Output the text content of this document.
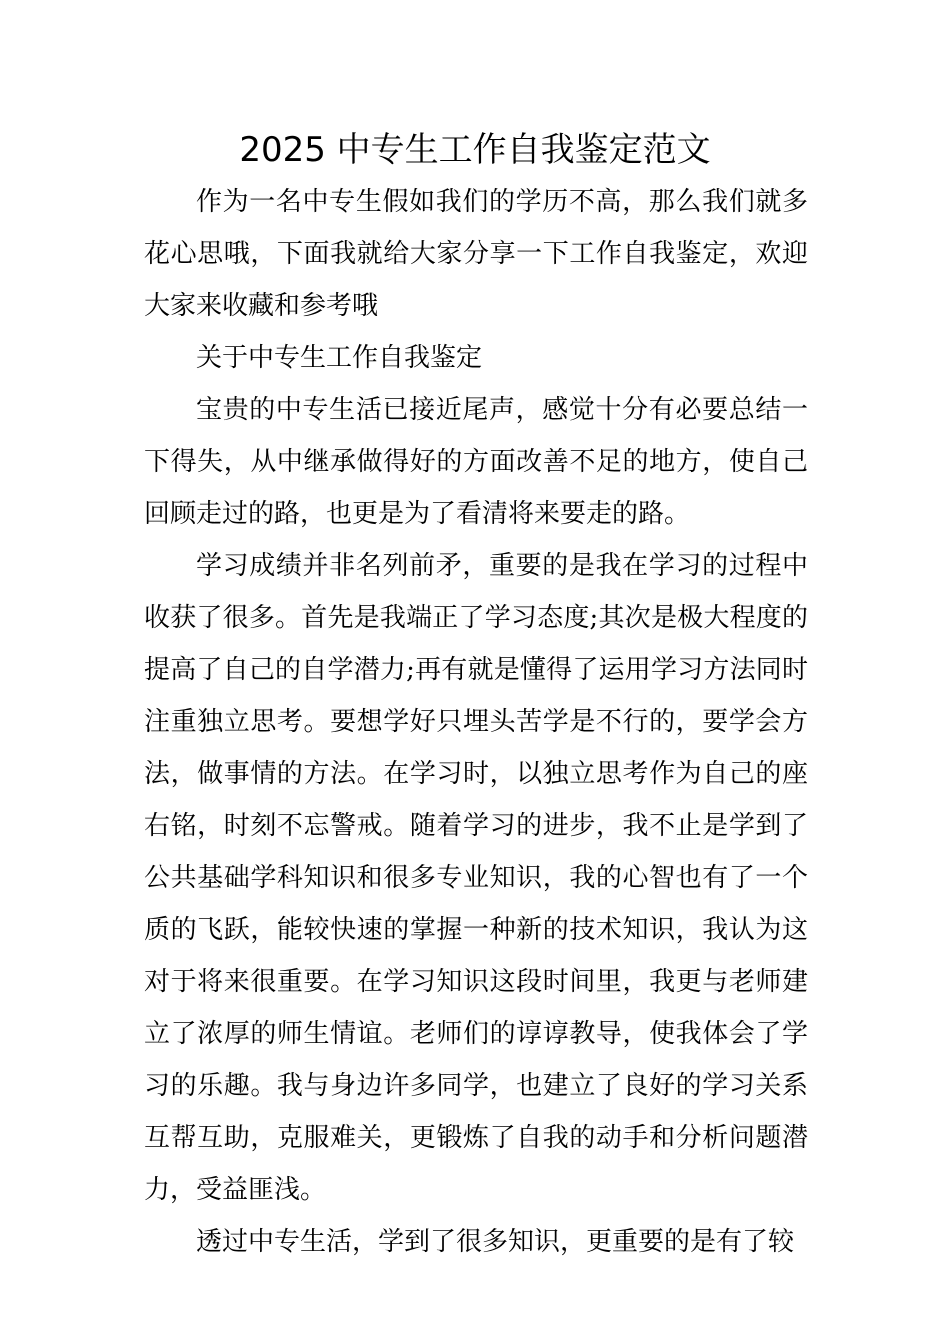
2025 中专生工作自我鉴定范文

作为一名中专生假如我们的学历不高，那么我们就多花心思哦，下面我就给大家分享一下工作自我鉴定，欢迎大家来收藏和参考哦

关于中专生工作自我鉴定

宝贵的中专生活已接近尾声，感觉十分有必要总结一下得失，从中继承做得好的方面改善不足的地方，使自己回顾走过的路，也更是为了看清将来要走的路。

学习成绩并非名列前矛，重要的是我在学习的过程中收获了很多。首先是我端正了学习态度;其次是极大程度的提高了自己的自学潜力;再有就是懂得了运用学习方法同时注重独立思考。要想学好只埋头苦学是不行的，要学会方法，做事情的方法。在学习时，以独立思考作为自己的座右铭，时刻不忘警戒。随着学习的进步，我不止是学到了公共基础学科知识和很多专业知识，我的心智也有了一个质的飞跃，能较快速的掌握一种新的技术知识，我认为这对于将来很重要。在学习知识这段时间里，我更与老师建立了浓厚的师生情谊。老师们的谆谆教导，使我体会了学习的乐趣。我与身边许多同学，也建立了良好的学习关系互帮互助，克服难关，更锻炼了自我的动手和分析问题潜力，受益匪浅。

透过中专生活，学到了很多知识，更重要的是有了较
